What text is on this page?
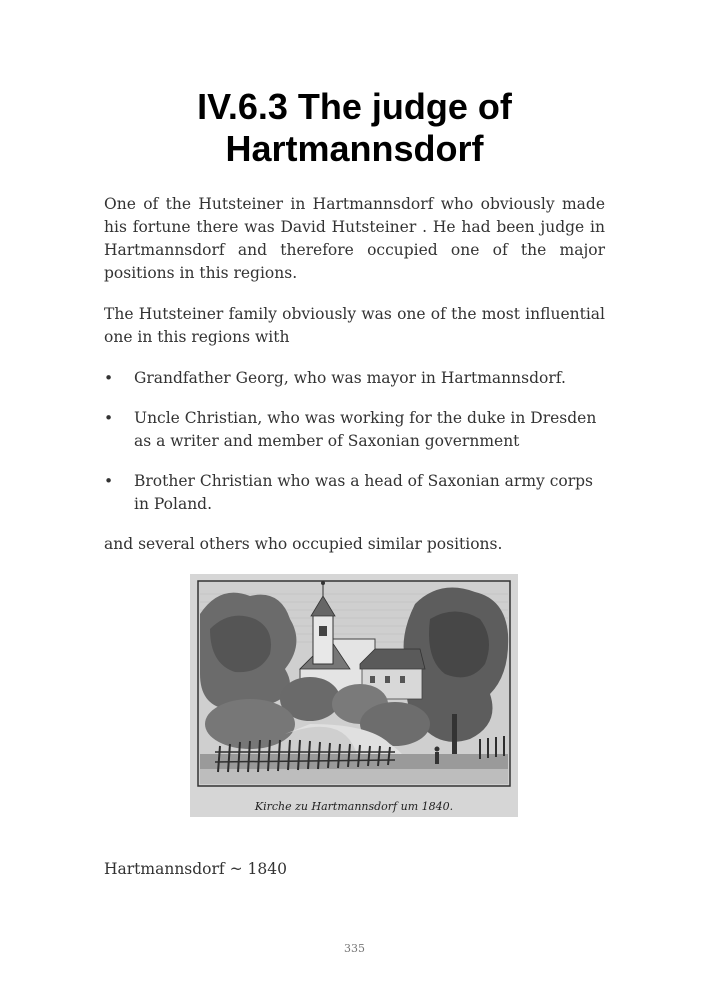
IV.6.3 The judge of Hartmannsdorf

One of the Hutsteiner in Hartmannsdorf who obviously made his fortune there was David Hutsteiner . He had been judge in Hartmannsdorf and therefore occupied one of the major positions in this regions.

The Hutsteiner family obviously was one of the most influential one in this regions with

• Grandfather Georg, who was mayor in Hartmannsdorf.
• Uncle Christian, who was working for the duke in Dresden as a writer and member of Saxonian government
• Brother Christian who was a head of Saxonian army corps in Poland.

and several others who occupied similar positions.

Kirche zu Hartmannsdorf um 1840.
Hartmannsdorf ~ 1840
335
